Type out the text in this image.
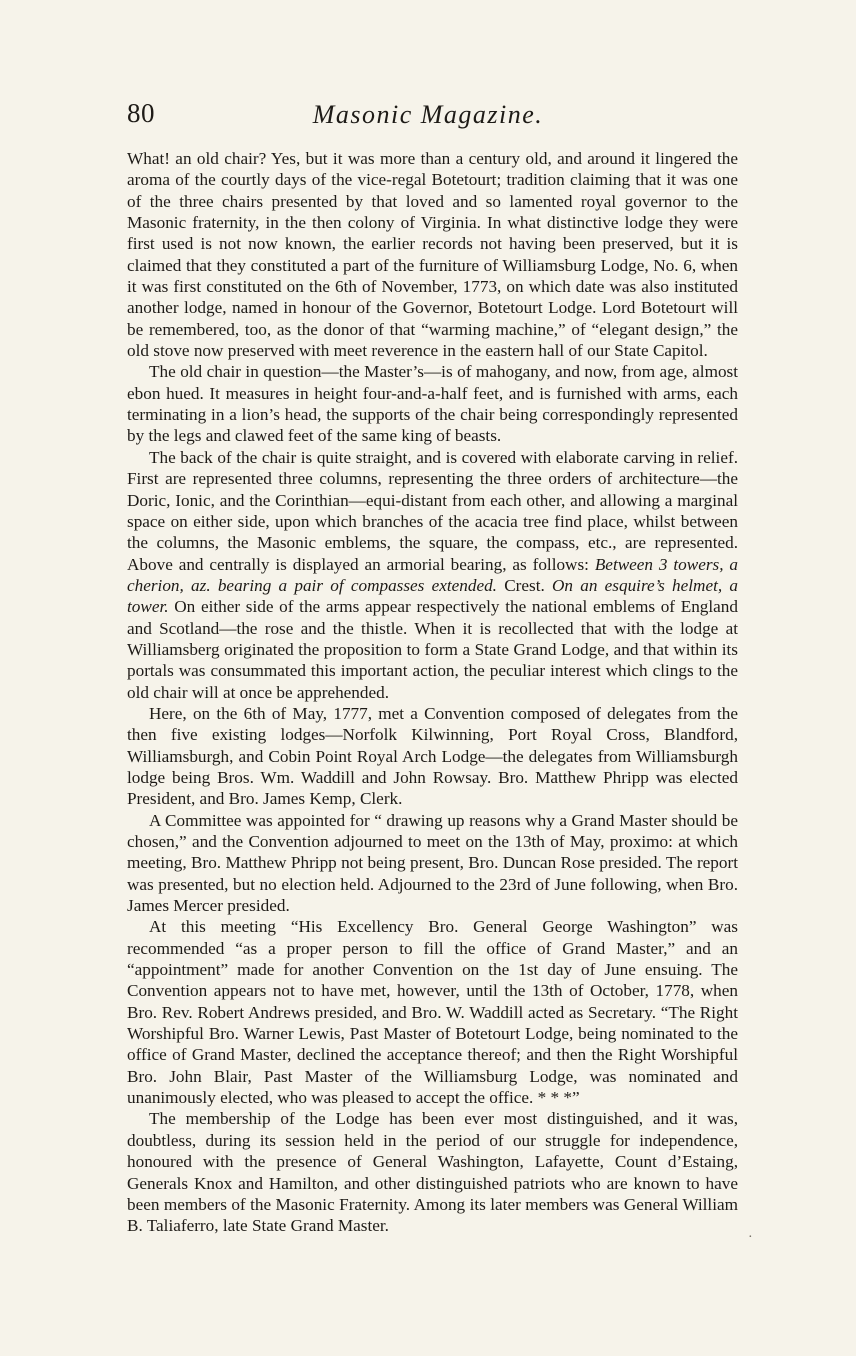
80	Masonic Magazine.

What! an old chair? Yes, but it was more than a century old, and around it lingered the aroma of the courtly days of the vice-regal Botetourt; tradition claiming that it was one of the three chairs presented by that loved and so lamented royal governor to the Masonic fraternity, in the then colony of Virginia. In what distinctive lodge they were first used is not now known, the earlier records not having been preserved, but it is claimed that they constituted a part of the furniture of Williamsburg Lodge, No. 6, when it was first constituted on the 6th of November, 1773, on which date was also instituted another lodge, named in honour of the Governor, Botetourt Lodge. Lord Botetourt will be remembered, too, as the donor of that “warming machine,” of “elegant design,” the old stove now preserved with meet reverence in the eastern hall of our State Capitol.

The old chair in question—the Master’s—is of mahogany, and now, from age, almost ebon hued. It measures in height four-and-a-half feet, and is furnished with arms, each terminating in a lion’s head, the supports of the chair being correspondingly represented by the legs and clawed feet of the same king of beasts.

The back of the chair is quite straight, and is covered with elaborate carving in relief. First are represented three columns, representing the three orders of architecture—the Doric, Ionic, and the Corinthian—equi-distant from each other, and allowing a marginal space on either side, upon which branches of the acacia tree find place, whilst between the columns, the Masonic emblems, the square, the compass, etc., are represented. Above and centrally is displayed an armorial bearing, as follows: Between 3 towers, a cherion, az. bearing a pair of compasses extended. Crest. On an esquire’s helmet, a tower. On either side of the arms appear respectively the national emblems of England and Scotland—the rose and the thistle. When it is recollected that with the lodge at Williamsberg originated the proposition to form a State Grand Lodge, and that within its portals was consummated this important action, the peculiar interest which clings to the old chair will at once be apprehended.

Here, on the 6th of May, 1777, met a Convention composed of delegates from the then five existing lodges—Norfolk Kilwinning, Port Royal Cross, Blandford, Williamsburgh, and Cobin Point Royal Arch Lodge—the delegates from Williamsburgh lodge being Bros. Wm. Waddill and John Rowsay. Bro. Matthew Phripp was elected President, and Bro. James Kemp, Clerk.

A Committee was appointed for “ drawing up reasons why a Grand Master should be chosen,” and the Convention adjourned to meet on the 13th of May, proximo: at which meeting, Bro. Matthew Phripp not being present, Bro. Duncan Rose presided. The report was presented, but no election held. Adjourned to the 23rd of June following, when Bro. James Mercer presided.

At this meeting “His Excellency Bro. General George Washington” was recommended “as a proper person to fill the office of Grand Master,” and an “appointment” made for another Convention on the 1st day of June ensuing. The Convention appears not to have met, however, until the 13th of October, 1778, when Bro. Rev. Robert Andrews presided, and Bro. W. Waddill acted as Secretary. “The Right Worshipful Bro. Warner Lewis, Past Master of Botetourt Lodge, being nominated to the office of Grand Master, declined the acceptance thereof; and then the Right Worshipful Bro. John Blair, Past Master of the Williamsburg Lodge, was nominated and unanimously elected, who was pleased to accept the office. * * *”

The membership of the Lodge has been ever most distinguished, and it was, doubtless, during its session held in the period of our struggle for independence, honoured with the presence of General Washington, Lafayette, Count d’Estaing, Generals Knox and Hamilton, and other distinguished patriots who are known to have been members of the Masonic Fraternity. Among its later members was General William B. Taliaferro, late State Grand Master.

·
